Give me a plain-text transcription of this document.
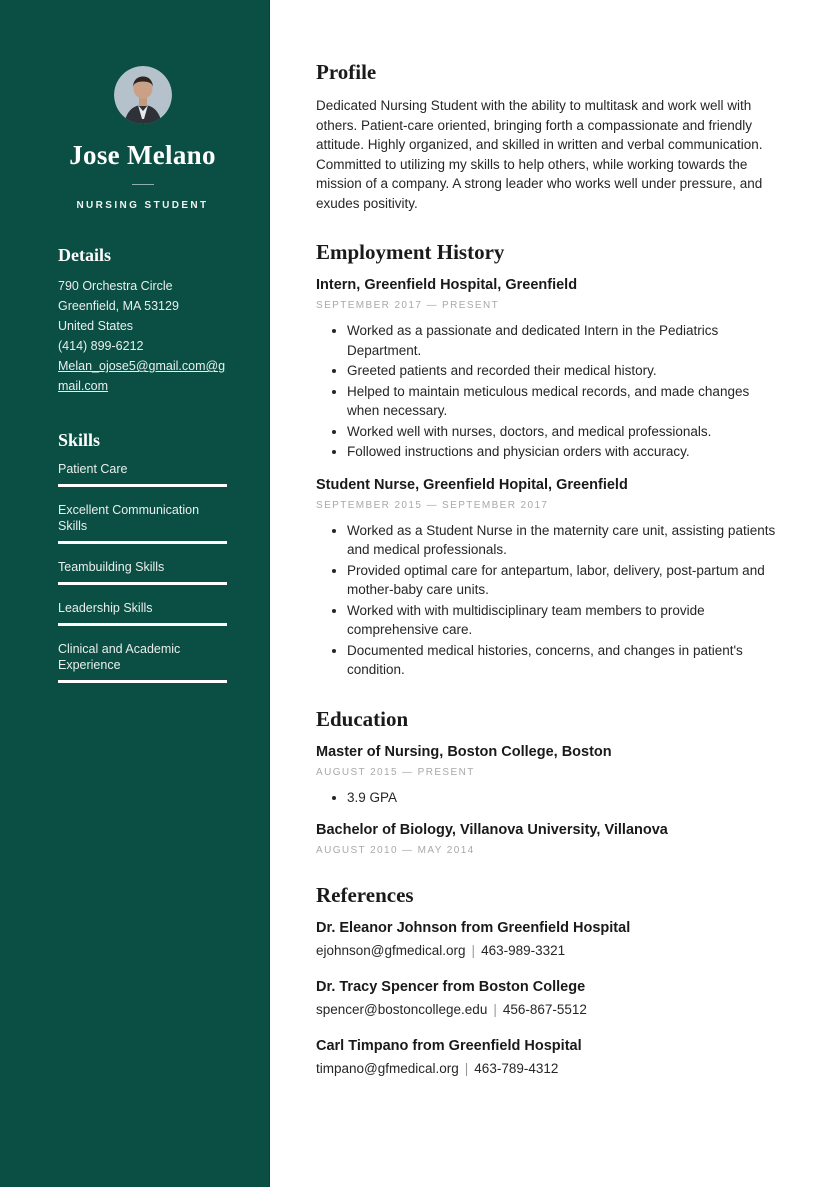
Jose Melano
NURSING STUDENT
Details
790 Orchestra Circle
Greenfield, MA 53129
United States
(414) 899-6212
Melan_ojose5@gmail.com@gmail.com
Skills
Patient Care
Excellent Communication Skills
Teambuilding Skills
Leadership Skills
Clinical and Academic Experience
Profile

Dedicated Nursing Student with the ability to multitask and work well with others. Patient-care oriented, bringing forth a compassionate and friendly attitude. Highly organized, and skilled in written and verbal communication. Committed to utilizing my skills to help others, while working towards the mission of a company. A strong leader who works well under pressure, and exudes positivity.

Employment History
Intern, Greenfield Hospital, Greenfield
SEPTEMBER 2017 — PRESENT
• Worked as a passionate and dedicated Intern in the Pediatrics Department.
• Greeted patients and recorded their medical history.
• Helped to maintain meticulous medical records, and made changes when necessary.
• Worked well with nurses, doctors, and medical professionals.
• Followed instructions and physician orders with accuracy.
Student Nurse, Greenfield Hopital, Greenfield
SEPTEMBER 2015 — SEPTEMBER 2017
• Worked as a Student Nurse in the maternity care unit, assisting patients and medical professionals.
• Provided optimal care for antepartum, labor, delivery, post-partum and mother-baby care units.
• Worked with with multidisciplinary team members to provide comprehensive care.
• Documented medical histories, concerns, and changes in patient's condition.
Education
Master of Nursing, Boston College, Boston
AUGUST 2015 — PRESENT
• 3.9 GPA
Bachelor of Biology, Villanova University, Villanova
AUGUST 2010 — MAY 2014
References
Dr. Eleanor Johnson from Greenfield Hospital
ejohnson@gfmedical.org | 463-989-3321
Dr. Tracy Spencer from Boston College
spencer@bostoncollege.edu | 456-867-5512
Carl Timpano from Greenfield Hospital
timpano@gfmedical.org | 463-789-4312
